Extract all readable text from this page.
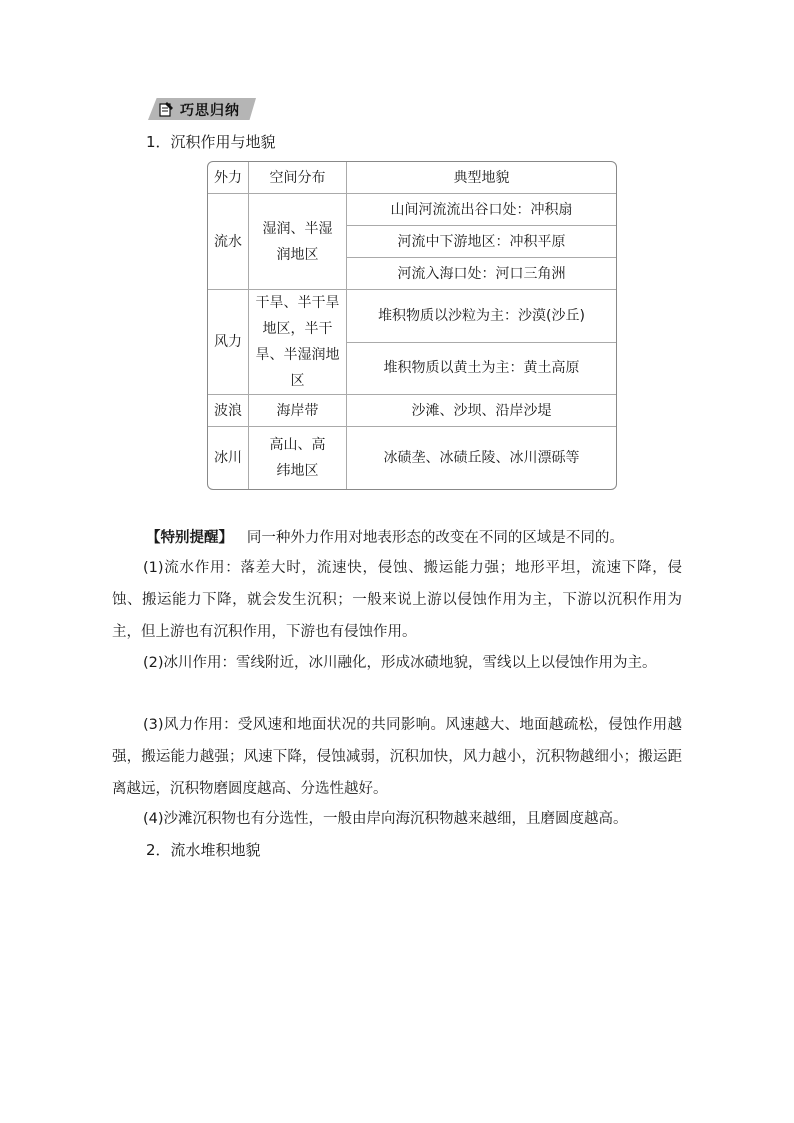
巧思归纳
1．沉积作用与地貌
外力	空间分布	典型地貌
流水	湿润、半湿润地区	山间河流流出谷口处：冲积扇
		河流中下游地区：冲积平原
		河流入海口处：河口三角洲
风力	干旱、半干旱地区，半干旱、半湿润地区	堆积物质以沙粒为主：沙漠(沙丘)
		堆积物质以黄土为主：黄土高原
波浪	海岸带	沙滩、沙坝、沿岸沙堤
冰川	高山、高纬地区	冰碛垄、冰碛丘陵、冰川漂砾等
【特别提醒】 同一种外力作用对地表形态的改变在不同的区域是不同的。
(1)流水作用：落差大时，流速快，侵蚀、搬运能力强；地形平坦，流速下降，侵蚀、搬运能力下降，就会发生沉积；一般来说上游以侵蚀作用为主，下游以沉积作用为主，但上游也有沉积作用，下游也有侵蚀作用。
(2)冰川作用：雪线附近，冰川融化，形成冰碛地貌，雪线以上以侵蚀作用为主。
(3)风力作用：受风速和地面状况的共同影响。风速越大、地面越疏松，侵蚀作用越强，搬运能力越强；风速下降，侵蚀减弱，沉积加快，风力越小，沉积物越细小；搬运距离越远，沉积物磨圆度越高、分选性越好。
(4)沙滩沉积物也有分选性，一般由岸向海沉积物越来越细，且磨圆度越高。
2．流水堆积地貌
